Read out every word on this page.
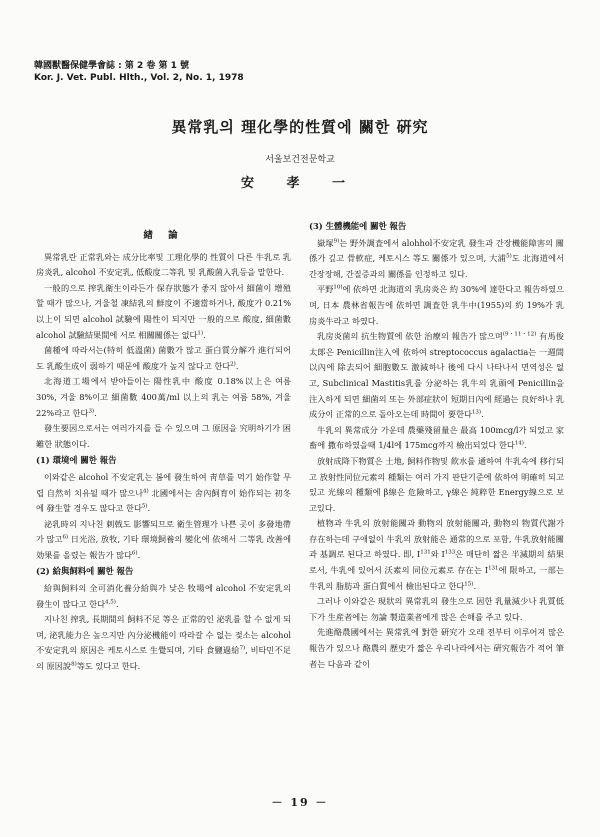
韓國獸醫保健學會誌 : 第 2 卷 第 1 號
Kor. J. Vet. Publ. Hlth., Vol. 2, No. 1, 1978
異常乳의 理化學的性質에 關한 硏究
서울보건전문학교
安 孝 一
緖 論

異常乳란 正常乳와는 成分比率및 工理化學的 性質이 다른 牛乳로 乳房炎乳, alcohol 不安定乳, 低酸度二等乳 및 乳酸菌入乳등을 말한다.

一般的으로 搾乳衛生이라든가 保存狀態가 좋지 않아서 細菌이 增殖할 때가 많으나, 겨울철 凍結乳의 鮮度이 不適當하거나, 酸度가 0.21%以上이 되면 alcohol 試驗에 陽性이 되지만 一般的으로 酸度, 細菌數 alcohol 試驗結果間에 서로 相關關係는 없다$^{1)}$.

菌種에 따라서는(特히 低溫菌) 菌數가 많고 蛋白質分解가 進行되어도 乳酸生成이 弱하기 때문에 酸度가 높지 않다고 한다$^{2)}$.

北海道工場에서 받아들이는 陽性乳中 酸度 0.18%以上은 여름 30%, 겨울 8%이고 細菌數 400萬/ml 以上의 乳는 여름 58%, 겨울 22%라고 한다$^{3)}$.

發生要因으로서는 여러가지를 들 수 있으며 그 原因을 究明하기가 困難한 狀態이다.

(1) 環境에 關한 報告

이와같은 alcohol 不安定乳는 봄에 發生하여 靑草를 먹기 始作할 무렵 自然히 치유될 때가 많으나$^{4)}$ 北國에서는 舍內飼育이 始作되는 初冬에 發生할 경우도 많다고 한다$^{5)}$.

泌乳時의 지나친 刺戟도 影響되므로 衛生管理가 나쁜 곳이 多發地帶가 많고$^{6)}$ 日光浴, 放牧, 기타 環境飼養의 變化에 依해서 二等乳 改善에 効果를 올렸는 報告가 많다$^{6)}$.

(2) 給與飼料에 關한 報告

給與飼料의 全可消化養分給與가 낮은 牧場에 alcohol 不安定乳의 發生이 많다고 한다$^{4,5)}$.

지나친 搾乳, 長期間의 飼料不足 等은 正常的인 泌乳를 할 수 없게 되며, 泌乳能力은 높으지만 內分泌機能이 따라갈 수 없는 젖소는 alcohol不安定乳의 原因은 케토시스로 生覺되며, 기타 食鹽過給$^{7)}$, 비타민不足의 原因說$^{8)}$等도 있다고 한다.

(3) 生體機能에 關한 報告

嶽塚$^{9)}$는 野外調査에서 alohhol不安定乳 發生과 간장機能障害의 關係가 깊고 骨軟症, 케토시스 等도 關係가 있으며, 大浦$^{5)}$도 北海道에서 간장장해, 간질증과의 關係를 인정하고 있다.

平野$^{10)}$에 依하면 北海道의 乳房炎은 約 30%에 達한다고 報告하였으며, 日本 農林省報告에 依하면 調査한 乳牛中(1955)의 約 19%가 乳房炎牛라고 하였다.

乳房炎菌의 抗生物質에 依한 治療의 報告가 많으며$^{(9・11・12)}$ 有馬俊太郞은 Penicillin注入에 依하여 streptococcus agalactia는 一週間以內에 除去되어 細胞數도 激減하나 後에 다시 나타나서 면역성은 없고, Subclinical Mastitis乳를 分泌하는 乳牛의 乳頭에 Penicillin을 注入하게 되면 細菌의 또는 外部症狀이 短期日內에 經過는 良好하나 乳成分이 正常的으로 돌아오는데 時間이 要한다$^{13)}$.

牛乳의 異常成分 가운데 農藥殘留量은 最高 100mcg/l가 되었고 家畜에 撒布하였을때 1/4l에 175mcg까지 檢出되었다 한다$^{14)}$.

放射成降下物質은 土地, 飼料作物및 飮水를 通하여 牛乳속에 移行되고 放射性同位元素의 種類는 여러 가지 판단기준에 依하여 明確히 되고 있고 光線의 種類에 β線은 危險하고, γ線은 純粹한 Energy線으로 보고있다.

植物과 牛乳의 放射能關과 動物의 放射能關과, 動物의 物質代謝가 存在하는데 구애없이 牛乳의 放射能은 通常的으로 포함, 牛乳放射能關과 基調로 된다고 하였다. 即, $I^{131}$와 $I^{133}$은 매단히 짧은 半減期의 結果로서, 牛乳에 있어서 沃素의 同位元素로 存在는 $I^{131}$에 限하고, 一部는 牛乳의 脂肪과 蛋白質에서 檢出된다고 한다$^{15)}$.

그러나 이와같은 現狀의 異常乳의 發生으로 因한 乳量減少나 乳質低下가 生産者에는 勿論 製造業者에게 많은 손해를 주고 있다.

先進酪農國에서는 異常乳에 對한 硏究가 오래 전부터 이루어져 많은 報告가 있으나 酪農의 歷史가 짧은 우리나라에서는 硏究報告가 적어 筆者는 다음과 같이

－ 19 －
